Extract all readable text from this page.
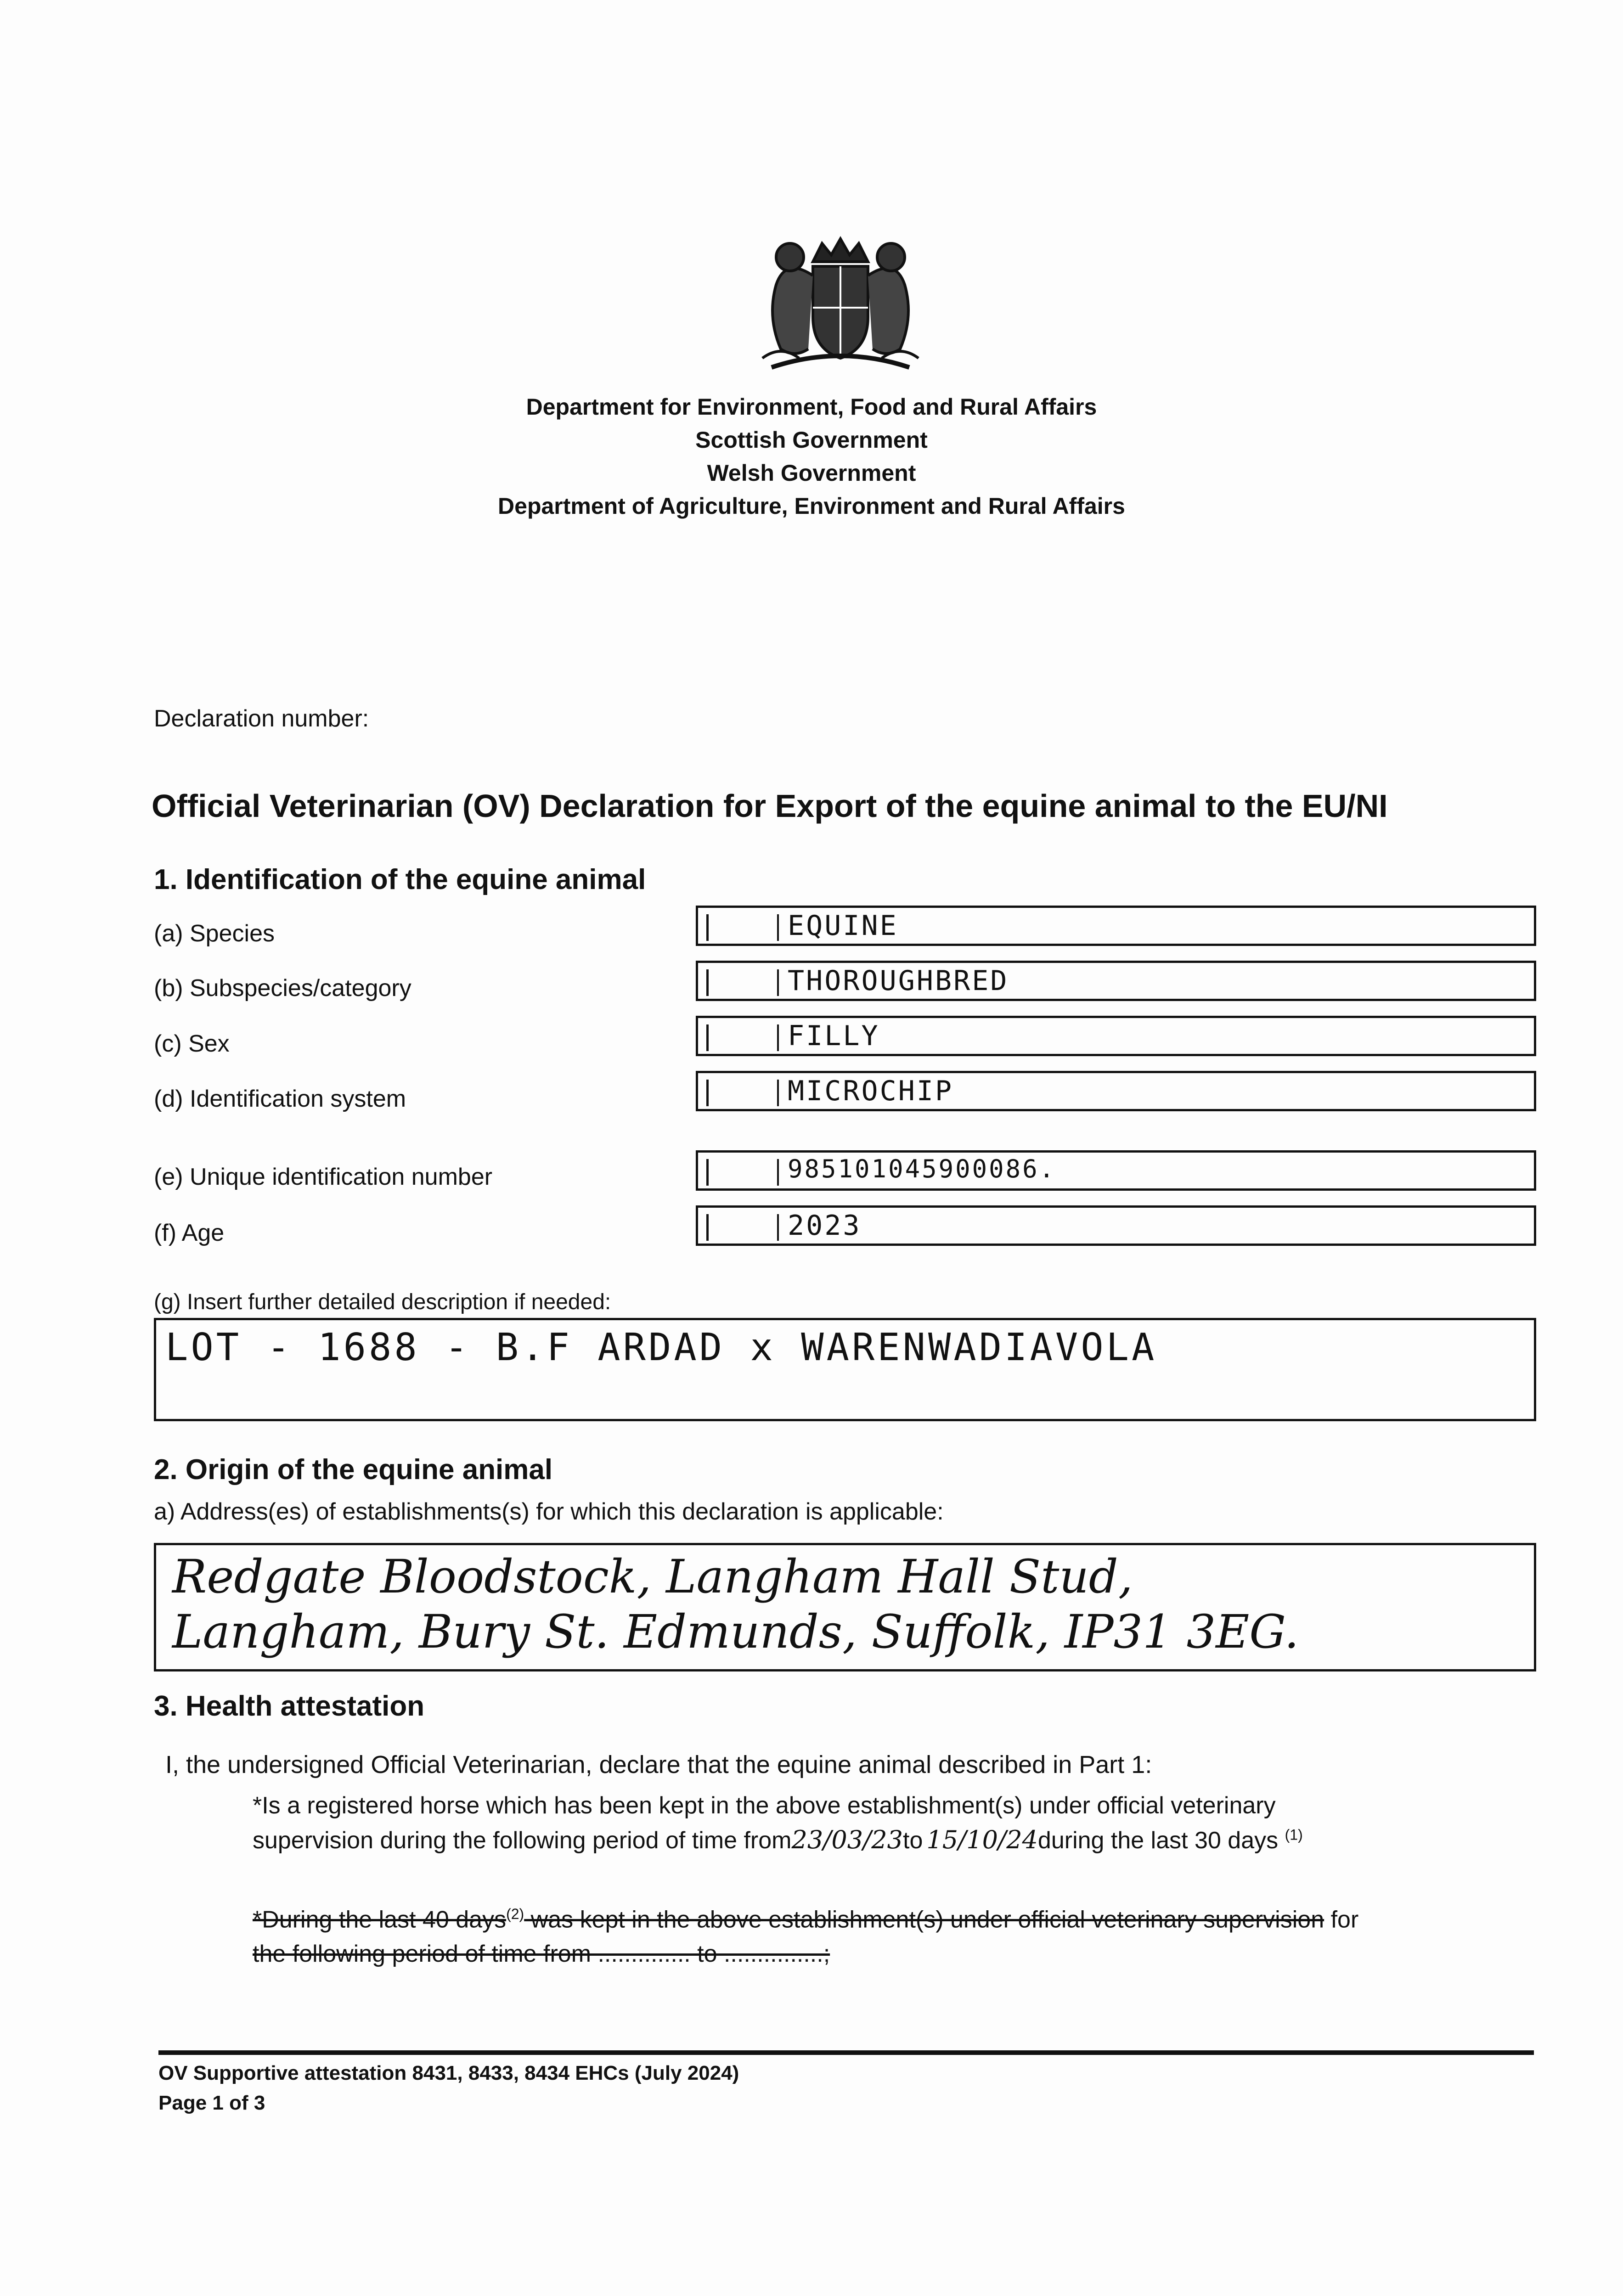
Department for Environment, Food and Rural Affairs
Scottish Government
Welsh Government
Department of Agriculture, Environment and Rural Affairs
Declaration number:
Official Veterinarian (OV) Declaration for Export of the equine animal to the EU/NI
1. Identification of the equine animal
(a) Species	EQUINE
(b) Subspecies/category	THOROUGHBRED
(c) Sex	FILLY
(d) Identification system	MICROCHIP
(e) Unique identification number	985101045900086.
(f) Age	2023
(g) Insert further detailed description if needed:
LOT - 1688 - B.F ARDAD x WARENWADIAVOLA
2. Origin of the equine animal
a) Address(es) of establishments(s) for which this declaration is applicable:
Redgate Bloodstock, Langham Hall Stud,
Langham, Bury St. Edmunds, Suffolk, IP31 3EG.
3. Health attestation
I, the undersigned Official Veterinarian, declare that the equine animal described in Part 1:
*Is a registered horse which has been kept in the above establishment(s) under official veterinary
supervision during the following period of time from23/03/23to 15/10/24during the last 30 days $^{(1)}$
*During the last 40 days$^{(2)}$ was kept in the above establishment(s) under official veterinary supervision for
the following period of time from .............. to ...............;
OV Supportive attestation 8431, 8433, 8434 EHCs (July 2024)
Page 1 of 3
